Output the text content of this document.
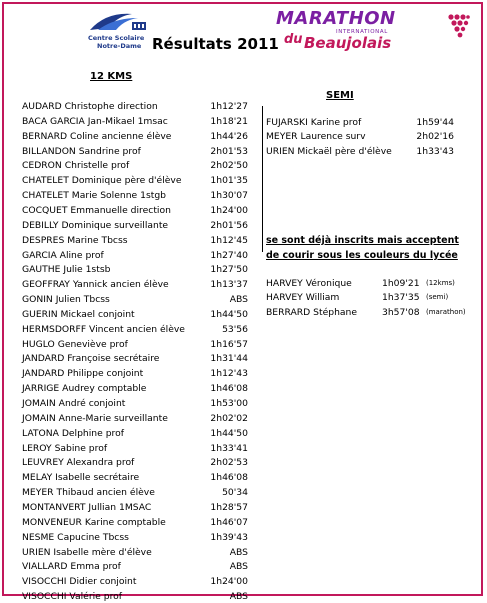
Centre Scolaire
Notre-Dame Résultats 2011
MARATHON
INTERNATIONAL
du Beaujolais
12 KMS
SEMI
AUDARD Christophe direction	1h12'27
BACA GARCIA Jan-Mikael 1msac	1h18'21
BERNARD Coline ancienne élève	1h44'26
BILLANDON Sandrine prof	2h01'53
CEDRON Christelle prof	2h02'50
CHATELET Dominique père d'élève	1h01'35
CHATELET Marie Solenne 1stgb	1h30'07
COCQUET Emmanuelle direction	1h24'00
DEBILLY Dominique surveillante	2h01'56
DESPRES Marine Tbcss	1h12'45
GARCIA Aline prof	1h27'40
GAUTHE Julie 1stsb	1h27'50
GEOFFRAY Yannick ancien élève	1h13'37
GONIN Julien Tbcss	ABS
GUERIN Mickael conjoint	1h44'50
HERMSDORFF Vincent ancien élève	53'56
HUGLO Geneviève prof	1h16'57
JANDARD Françoise secrétaire	1h31'44
JANDARD Philippe conjoint	1h12'43
JARRIGE Audrey comptable	1h46'08
JOMAIN André conjoint	1h53'00
JOMAIN Anne-Marie surveillante	2h02'02
LATONA Delphine prof	1h44'50
LEROY Sabine prof	1h33'41
LEUVREY Alexandra prof	2h02'53
MELAY Isabelle secrétaire	1h46'08
MEYER Thibaud ancien élève	50'34
MONTANVERT Jullian 1MSAC	1h28'57
MONVENEUR Karine comptable	1h46'07
NESME Capucine Tbcss	1h39'43
URIEN Isabelle mère d'élève	ABS
VIALLARD Emma prof	ABS
VISOCCHI Didier conjoint	1h24'00
VISOCCHI Valérie prof	ABS
FUJARSKI Karine prof	1h59'44
MEYER Laurence surv	2h02'16
URIEN Mickaël père d'élève	1h33'43
se sont déjà inscrits mais acceptent
de courir sous les couleurs du lycée
HARVEY Véronique	1h09'21 (12kms)
HARVEY William	1h37'35 (semi)
BERRARD Stéphane	3h57'08 (marathon)
